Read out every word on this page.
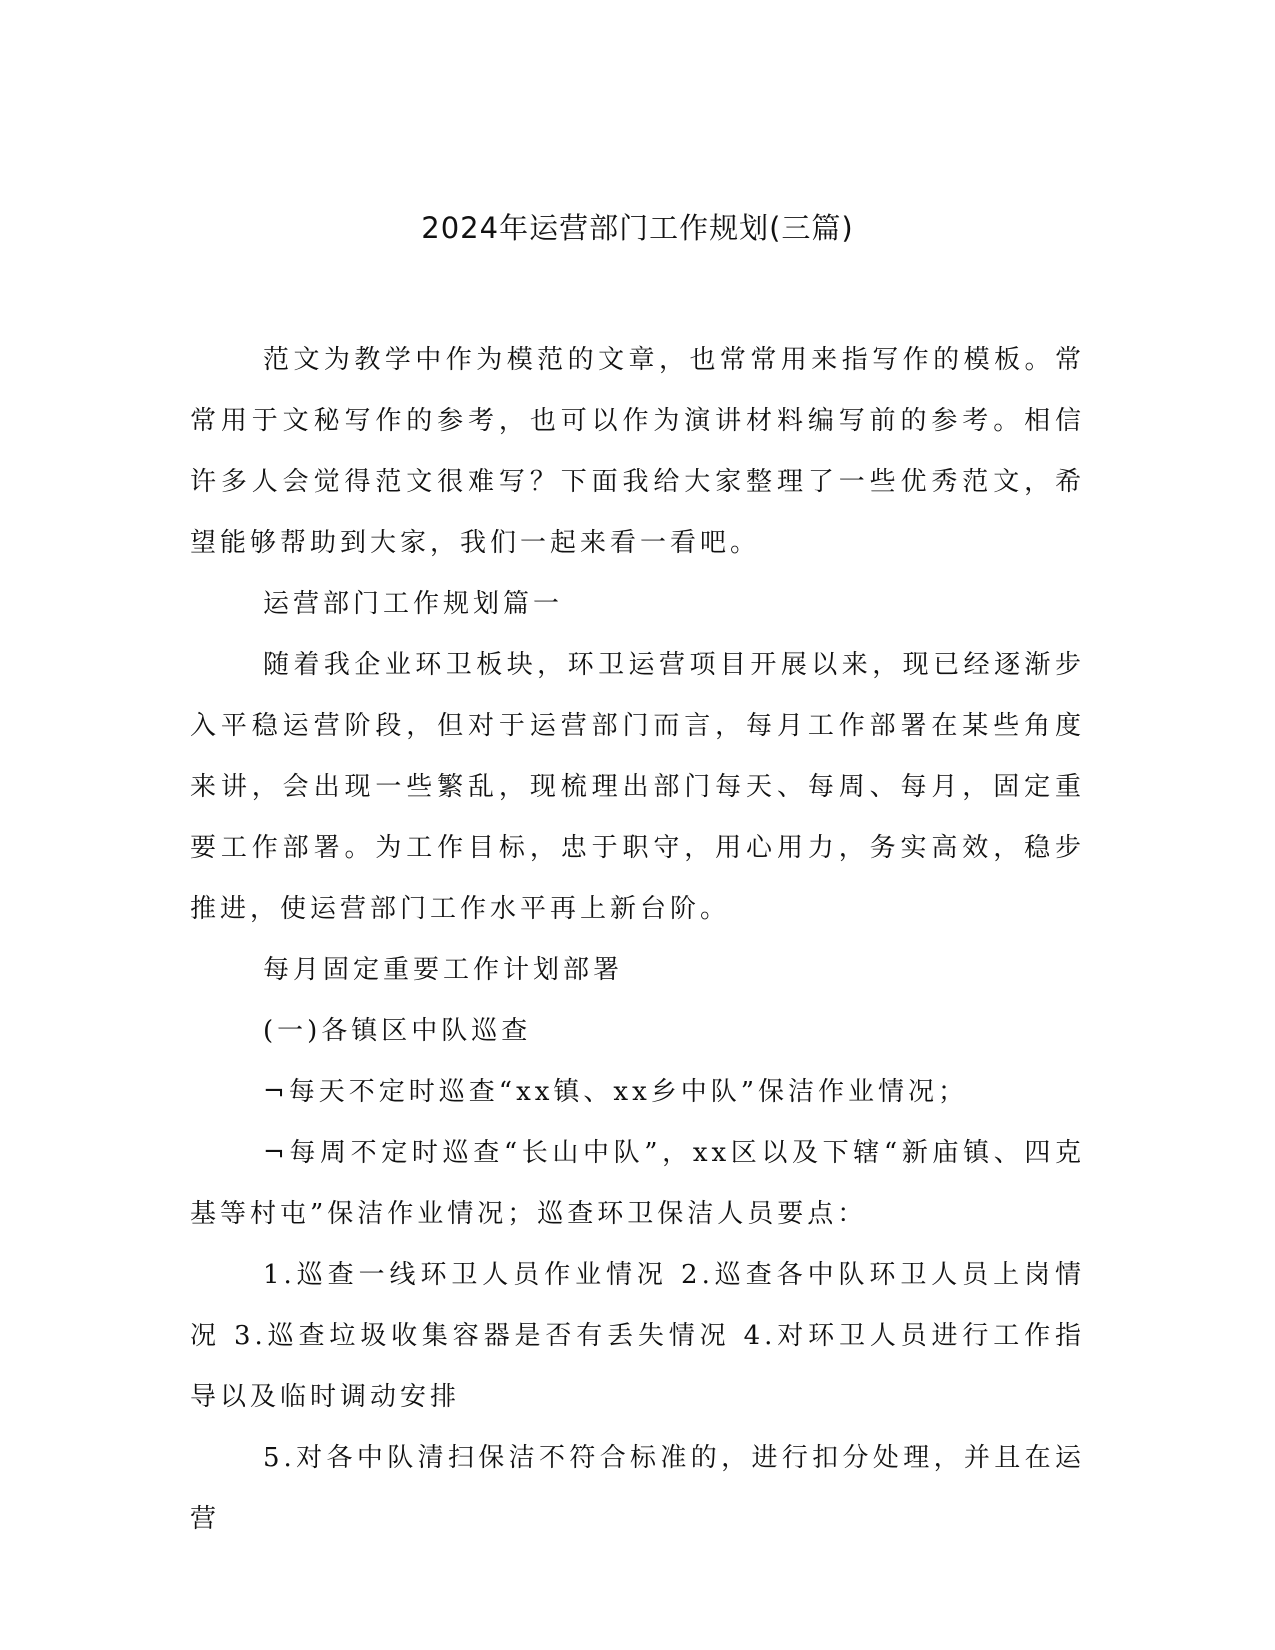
2024年运营部门工作规划(三篇)

范文为教学中作为模范的文章，也常常用来指写作的模板。常常用于文秘写作的参考，也可以作为演讲材料编写前的参考。相信许多人会觉得范文很难写？下面我给大家整理了一些优秀范文，希望能够帮助到大家，我们一起来看一看吧。

运营部门工作规划篇一

随着我企业环卫板块，环卫运营项目开展以来，现已经逐渐步入平稳运营阶段，但对于运营部门而言，每月工作部署在某些角度来讲，会出现一些繁乱，现梳理出部门每天、每周、每月，固定重要工作部署。为工作目标，忠于职守，用心用力，务实高效，稳步推进，使运营部门工作水平再上新台阶。

每月固定重要工作计划部署

(一)各镇区中队巡查

¬每天不定时巡查“xx镇、xx乡中队”保洁作业情况；

¬每周不定时巡查“长山中队”，xx区以及下辖“新庙镇、四克基等村屯”保洁作业情况；巡查环卫保洁人员要点：

1.巡查一线环卫人员作业情况 2.巡查各中队环卫人员上岗情况 3.巡查垃圾收集容器是否有丢失情况 4.对环卫人员进行工作指导以及临时调动安排

5.对各中队清扫保洁不符合标准的，进行扣分处理，并且在运营
